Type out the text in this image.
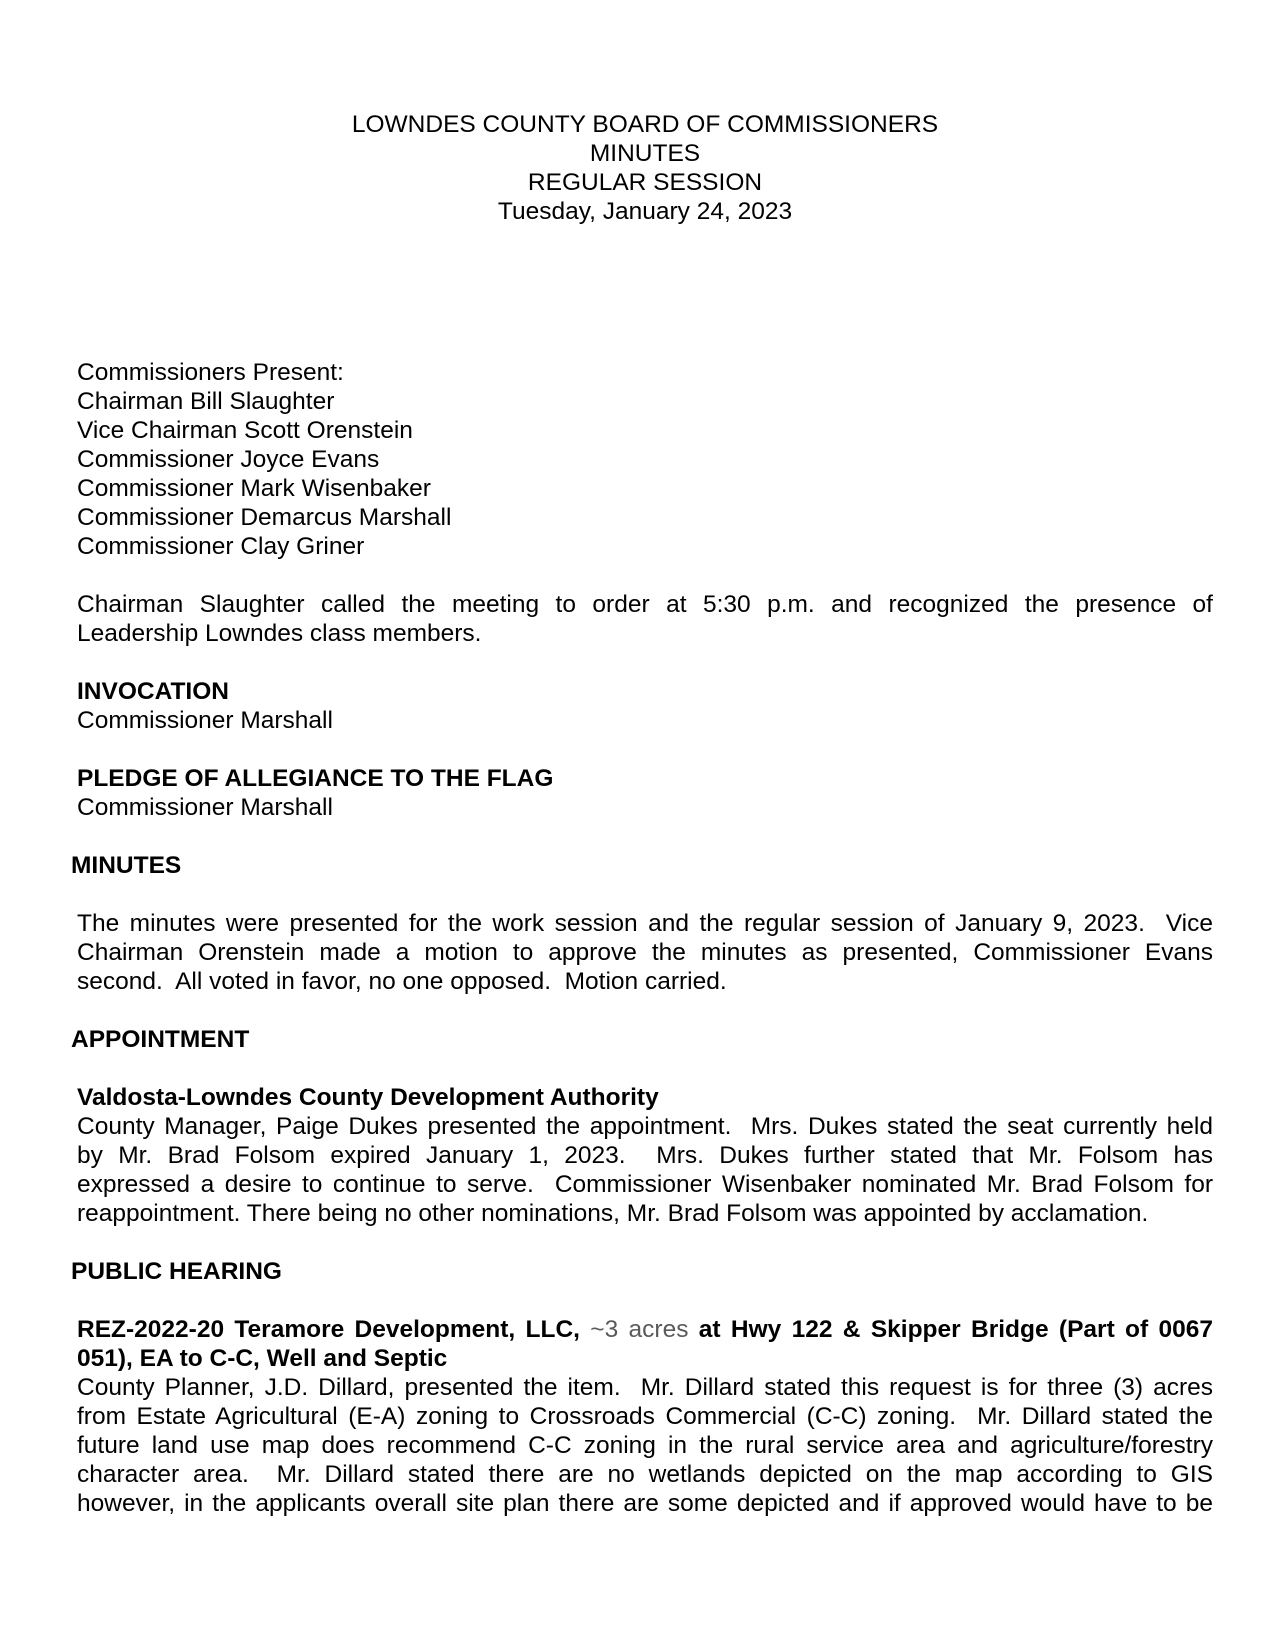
LOWNDES COUNTY BOARD OF COMMISSIONERS
MINUTES
REGULAR SESSION
Tuesday, January 24, 2023
Commissioners Present:
Chairman Bill Slaughter
Vice Chairman Scott Orenstein
Commissioner Joyce Evans
Commissioner Mark Wisenbaker
Commissioner Demarcus Marshall
Commissioner Clay Griner
Chairman Slaughter called the meeting to order at 5:30 p.m. and recognized the presence of
Leadership Lowndes class members.
INVOCATION
Commissioner Marshall
PLEDGE OF ALLEGIANCE TO THE FLAG
Commissioner Marshall
MINUTES
The minutes were presented for the work session and the regular session of January 9, 2023.  Vice
Chairman Orenstein made a motion to approve the minutes as presented, Commissioner Evans
second.  All voted in favor, no one opposed.  Motion carried.
APPOINTMENT
Valdosta-Lowndes County Development Authority
County Manager, Paige Dukes presented the appointment.  Mrs. Dukes stated the seat currently held
by Mr. Brad Folsom expired January 1, 2023.  Mrs. Dukes further stated that Mr. Folsom has
expressed a desire to continue to serve.  Commissioner Wisenbaker nominated Mr. Brad Folsom for
reappointment. There being no other nominations, Mr. Brad Folsom was appointed by acclamation.
PUBLIC HEARING
REZ-2022-20 Teramore Development, LLC, ~3 acres at Hwy 122 & Skipper Bridge (Part of 0067
051), EA to C-C, Well and Septic
County Planner, J.D. Dillard, presented the item.  Mr. Dillard stated this request is for three (3) acres
from Estate Agricultural (E-A) zoning to Crossroads Commercial (C-C) zoning.  Mr. Dillard stated the
future land use map does recommend C-C zoning in the rural service area and agriculture/forestry
character area.  Mr. Dillard stated there are no wetlands depicted on the map according to GIS
however, in the applicants overall site plan there are some depicted and if approved would have to be
